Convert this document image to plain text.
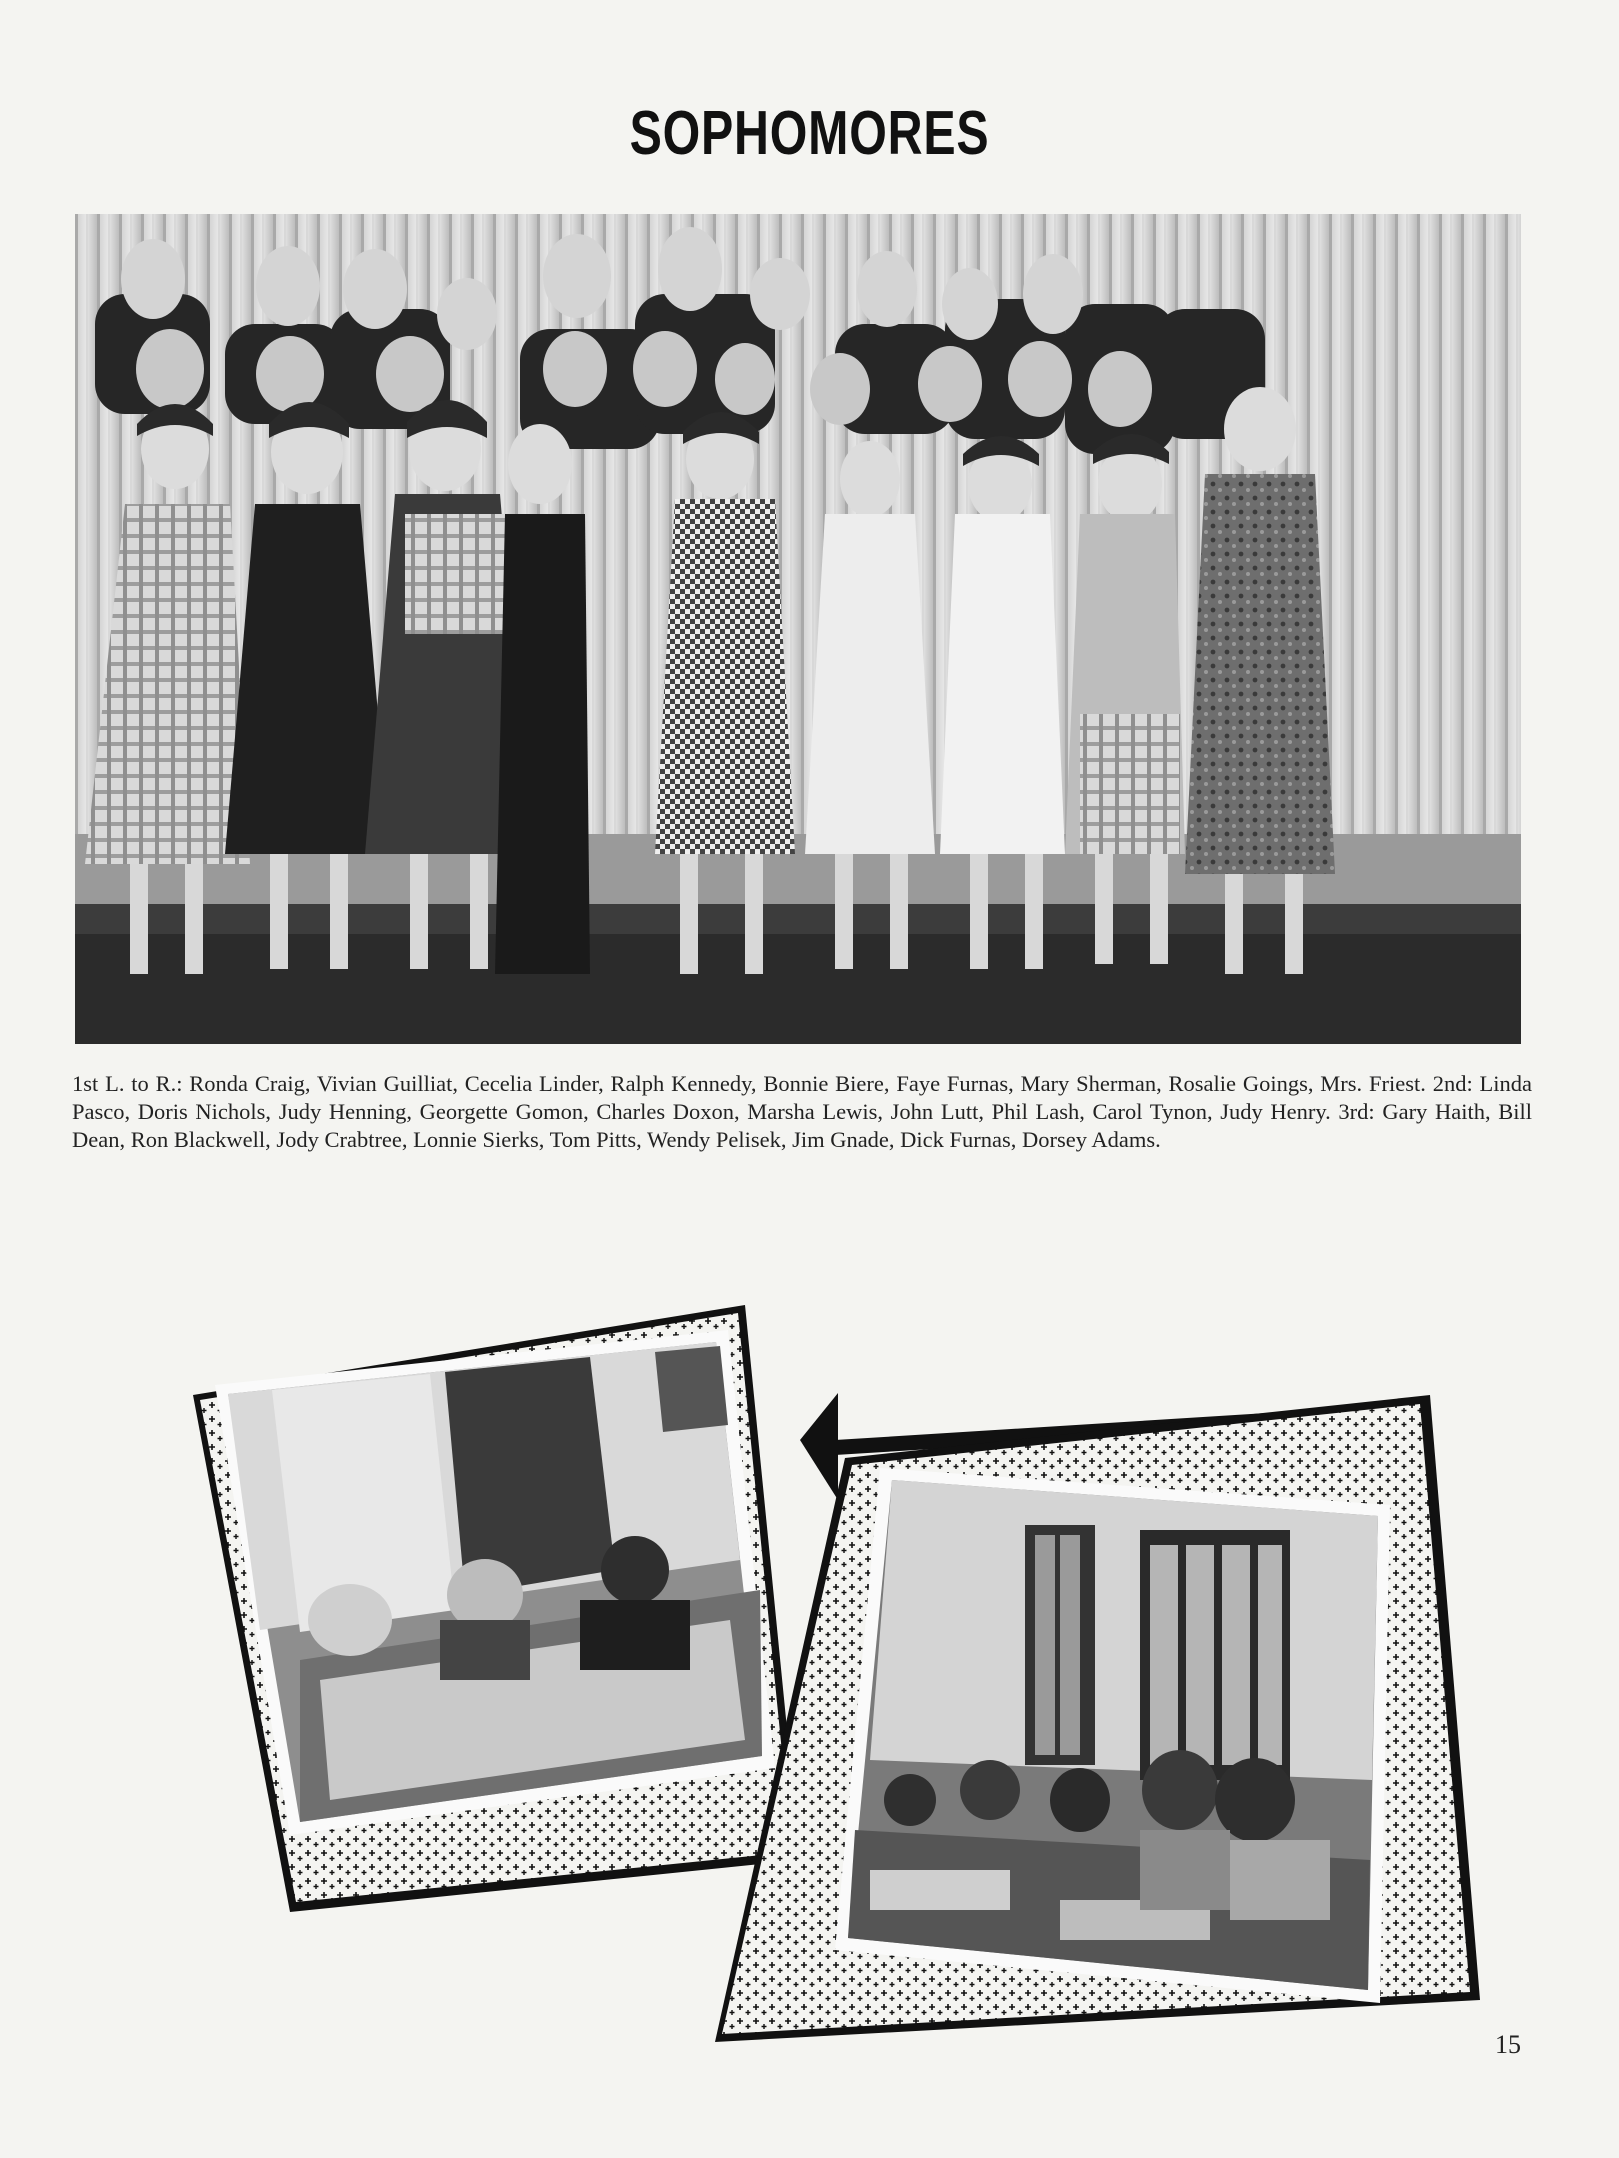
SOPHOMORES
1st L. to R.: Ronda Craig, Vivian Guilliat, Cecelia Linder, Ralph Kennedy, Bonnie Biere, Faye Furnas, Mary Sherman, Rosalie Goings, Mrs. Friest. 2nd: Linda Pasco, Doris Nichols, Judy Henning, Georgette Gomon, Charles Doxon, Marsha Lewis, John Lutt, Phil Lash, Carol Tynon, Judy Henry. 3rd: Gary Haith, Bill Dean, Ron Blackwell, Jody Crabtree, Lonnie Sierks, Tom Pitts, Wendy Pelisek, Jim Gnade, Dick Furnas, Dorsey Adams.
15
